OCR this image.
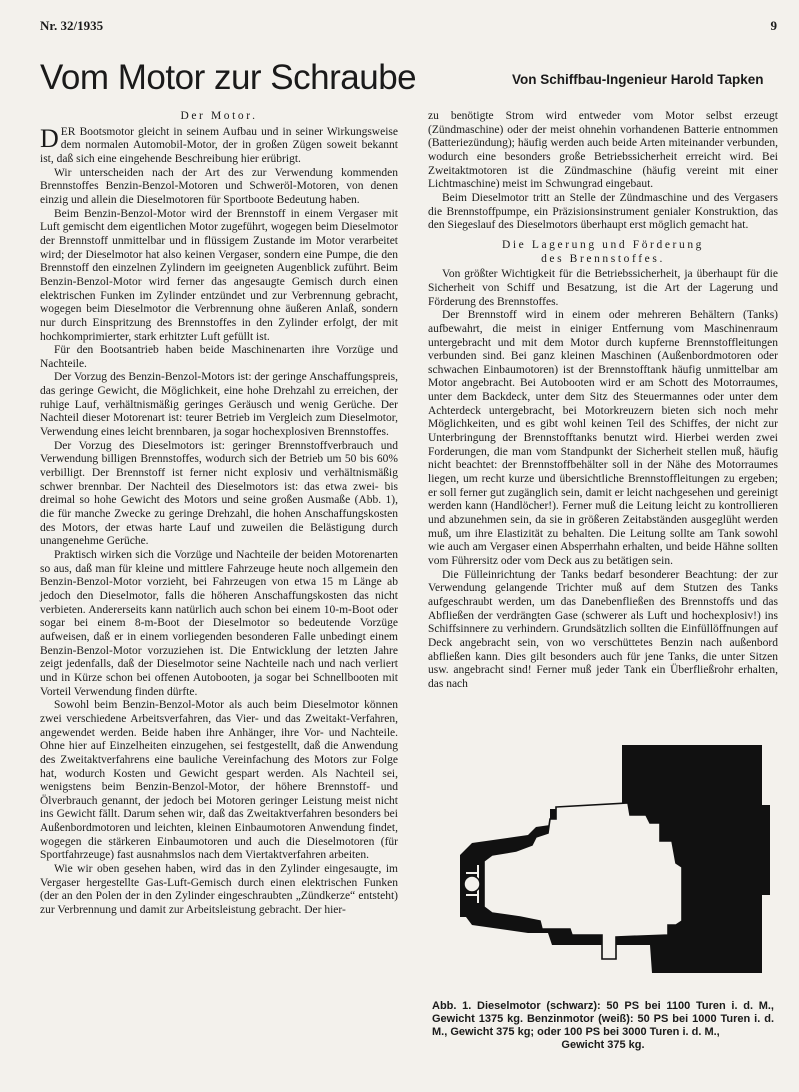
Nr. 32/1935	9
Vom Motor zur Schraube	Von Schiffbau-Ingenieur Harold Tapken
Der Motor.

DER Bootsmotor gleicht in seinem Aufbau und in seiner Wirkungsweise dem normalen Automobil-Motor, der in großen Zügen soweit bekannt ist, daß sich eine eingehende Beschreibung hier erübrigt.

Wir unterscheiden nach der Art des zur Verwendung kommenden Brennstoffes Benzin-Benzol-Motoren und Schweröl-Motoren, von denen einzig und allein die Dieselmotoren für Sportboote Bedeutung haben.

Beim Benzin-Benzol-Motor wird der Brennstoff in einem Vergaser mit Luft gemischt dem eigentlichen Motor zugeführt, wogegen beim Dieselmotor der Brennstoff unmittelbar und in flüssigem Zustande im Motor verarbeitet wird; der Dieselmotor hat also keinen Vergaser, sondern eine Pumpe, die den Brennstoff den einzelnen Zylindern im geeigneten Augenblick zuführt. Beim Benzin-Benzol-Motor wird ferner das angesaugte Gemisch durch einen elektrischen Funken im Zylinder entzündet und zur Verbrennung gebracht, wogegen beim Dieselmotor die Verbrennung ohne äußeren Anlaß, sondern nur durch Einspritzung des Brennstoffes in den Zylinder erfolgt, der mit hochkomprimierter, stark erhitzter Luft gefüllt ist.

Für den Bootsantrieb haben beide Maschinenarten ihre Vorzüge und Nachteile.

Der Vorzug des Benzin-Benzol-Motors ist: der geringe Anschaffungspreis, das geringe Gewicht, die Möglichkeit, eine hohe Drehzahl zu erreichen, der ruhige Lauf, verhältnismäßig geringes Geräusch und wenig Gerüche. Der Nachteil dieser Motorenart ist: teurer Betrieb im Vergleich zum Dieselmotor, Verwendung eines leicht brennbaren, ja sogar hochexplosiven Brennstoffes.

Der Vorzug des Dieselmotors ist: geringer Brennstoffverbrauch und Verwendung billigen Brennstoffes, wodurch sich der Betrieb um 50 bis 60% verbilligt. Der Brennstoff ist ferner nicht explosiv und verhältnismäßig schwer brennbar. Der Nachteil des Dieselmotors ist: das etwa zwei- bis dreimal so hohe Gewicht des Motors und seine großen Ausmaße (Abb. 1), die für manche Zwecke zu geringe Drehzahl, die hohen Anschaffungskosten des Motors, der etwas harte Lauf und zuweilen die Belästigung durch unangenehme Gerüche.

Praktisch wirken sich die Vorzüge und Nachteile der beiden Motorenarten so aus, daß man für kleine und mittlere Fahrzeuge heute noch allgemein den Benzin-Benzol-Motor vorzieht, bei Fahrzeugen von etwa 15 m Länge ab jedoch den Dieselmotor, falls die höheren Anschaffungskosten das nicht verbieten. Andererseits kann natürlich auch schon bei einem 10-m-Boot oder sogar bei einem 8-m-Boot der Dieselmotor so bedeutende Vorzüge aufweisen, daß er in einem vorliegenden besonderen Falle unbedingt einem Benzin-Benzol-Motor vorzuziehen ist. Die Entwicklung der letzten Jahre zeigt jedenfalls, daß der Dieselmotor seine Nachteile nach und nach verliert und in Kürze schon bei offenen Autobooten, ja sogar bei Schnellbooten mit Vorteil Verwendung finden dürfte.

Sowohl beim Benzin-Benzol-Motor als auch beim Dieselmotor können zwei verschiedene Arbeitsverfahren, das Vier- und das Zweitakt-Verfahren, angewendet werden. Beide haben ihre Anhänger, ihre Vor- und Nachteile. Ohne hier auf Einzelheiten einzugehen, sei festgestellt, daß die Anwendung des Zweitaktverfahrens eine bauliche Vereinfachung des Motors zur Folge hat, wodurch Kosten und Gewicht gespart werden. Als Nachteil sei, wenigstens beim Benzin-Benzol-Motor, der höhere Brennstoff- und Ölverbrauch genannt, der jedoch bei Motoren geringer Leistung meist nicht ins Gewicht fällt. Darum sehen wir, daß das Zweitaktverfahren besonders bei Außenbordmotoren und leichten, kleinen Einbaumotoren Anwendung findet, wogegen die stärkeren Einbaumotoren und auch die Dieselmotoren (für Sportfahrzeuge) fast ausnahmslos nach dem Viertaktverfahren arbeiten.

Wie wir oben gesehen haben, wird das in den Zylinder eingesaugte, im Vergaser hergestellte Gas-Luft-Gemisch durch einen elektrischen Funken (der an den Polen der in den Zylinder eingeschraubten „Zündkerze“ entsteht) zur Verbrennung und damit zur Arbeitsleistung gebracht. Der hier-

zu benötigte Strom wird entweder vom Motor selbst erzeugt (Zündmaschine) oder der meist ohnehin vorhandenen Batterie entnommen (Batteriezündung); häufig werden auch beide Arten miteinander verbunden, wodurch eine besonders große Betriebssicherheit erreicht wird. Bei Zweitaktmotoren ist die Zündmaschine (häufig vereint mit einer Lichtmaschine) meist im Schwungrad eingebaut.

Beim Dieselmotor tritt an Stelle der Zündmaschine und des Vergasers die Brennstoffpumpe, ein Präzisionsinstrument genialer Konstruktion, das den Siegeslauf des Dieselmotors überhaupt erst möglich gemacht hat.

Die Lagerung und Förderung
des Brennstoffes.

Von größter Wichtigkeit für die Betriebssicherheit, ja überhaupt für die Sicherheit von Schiff und Besatzung, ist die Art der Lagerung und Förderung des Brennstoffes.

Der Brennstoff wird in einem oder mehreren Behältern (Tanks) aufbewahrt, die meist in einiger Entfernung vom Maschinenraum untergebracht und mit dem Motor durch kupferne Brennstoffleitungen verbunden sind. Bei ganz kleinen Maschinen (Außenbordmotoren oder schwachen Einbaumotoren) ist der Brennstofftank häufig unmittelbar am Motor angebracht. Bei Autobooten wird er am Schott des Motorraumes, unter dem Backdeck, unter dem Sitz des Steuermannes oder unter dem Achterdeck untergebracht, bei Motorkreuzern bieten sich noch mehr Möglichkeiten, und es gibt wohl keinen Teil des Schiffes, der nicht zur Unterbringung der Brennstofftanks benutzt wird. Hierbei werden zwei Forderungen, die man vom Standpunkt der Sicherheit stellen muß, häufig nicht beachtet: der Brennstoffbehälter soll in der Nähe des Motorraumes liegen, um recht kurze und übersichtliche Brennstoffleitungen zu ergeben; er soll ferner gut zugänglich sein, damit er leicht nachgesehen und gereinigt werden kann (Handlöcher!). Ferner muß die Leitung leicht zu kontrollieren und abzunehmen sein, da sie in größeren Zeitabständen ausgeglüht werden muß, um ihre Elastizität zu behalten. Die Leitung sollte am Tank sowohl wie auch am Vergaser einen Absperrhahn erhalten, und beide Hähne sollten vom Führersitz oder vom Deck aus zu betätigen sein.

Die Fülleinrichtung der Tanks bedarf besonderer Beachtung: der zur Verwendung gelangende Trichter muß auf dem Stutzen des Tanks aufgeschraubt werden, um das Danebenfließen des Brennstoffs und das Abfließen der verdrängten Gase (schwerer als Luft und hochexplosiv!) ins Schiffsinnere zu verhindern. Grundsätzlich sollten die Einfüllöffnungen auf Deck angebracht sein, von wo verschüttetes Benzin nach außenbord abfließen kann. Dies gilt besonders auch für jene Tanks, die unter Sitzen usw. angebracht sind! Ferner muß jeder Tank ein Überfließrohr erhalten, das nach

Abb. 1. Dieselmotor (schwarz): 50 PS bei 1100 Turen i. d. M., Gewicht 1375 kg. Benzinmotor (weiß): 50 PS bei 1000 Turen i. d. M., Gewicht 375 kg; oder 100 PS bei 3000 Turen i. d. M.,
Gewicht 375 kg.
